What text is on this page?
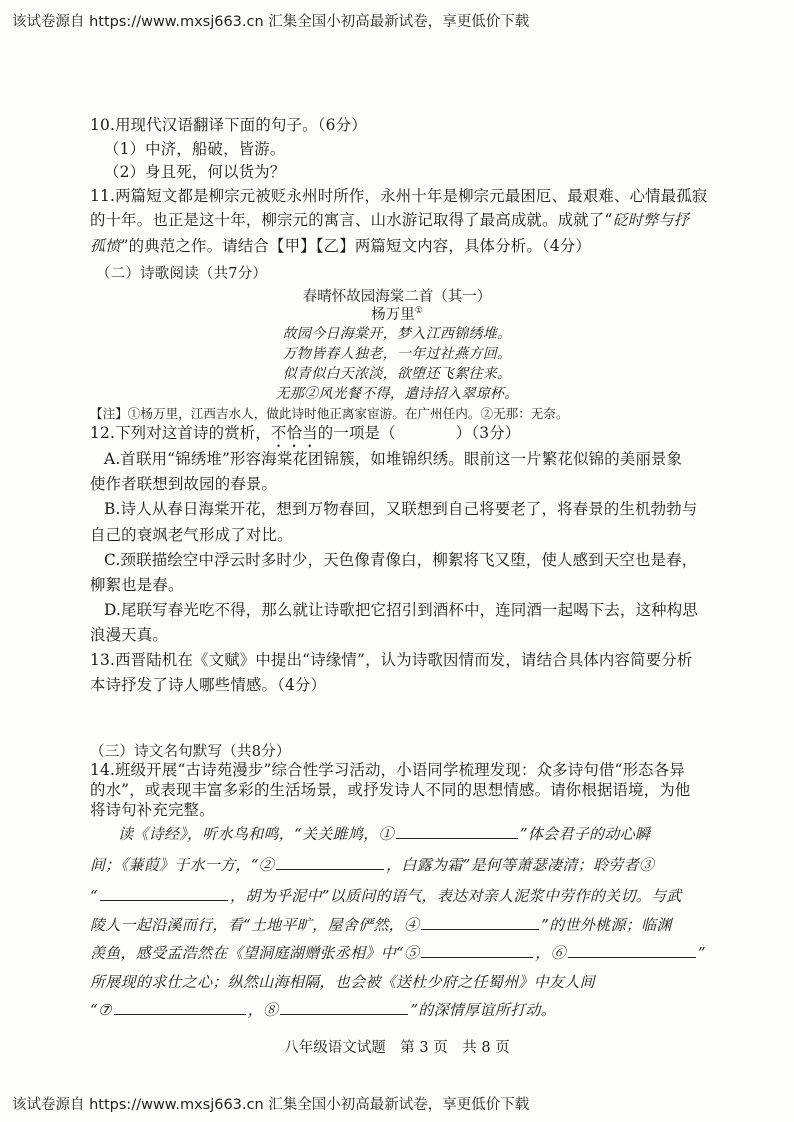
该试卷源自 https://www.mxsj663.cn 汇集全国小初高最新试卷，享更低价下载
10.用现代汉语翻译下面的句子。（6分）
（1）中济，船破，皆游。
（2）身且死，何以货为？
11.两篇短文都是柳宗元被贬永州时所作，永州十年是柳宗元最困厄、最艰难、心情最孤寂
的十年。也正是这十年，柳宗元的寓言、山水游记取得了最高成就。成就了“砭时弊与抒
孤愤”的典范之作。请结合【甲】【乙】两篇短文内容，具体分析。（4分）
（二）诗歌阅读（共7分）
春晴怀故园海棠二首（其一）
杨万里①
故园今日海棠开，梦入江西锦绣堆。
万物皆春人独老，一年过社燕方回。
似青似白天浓淡，欲堕还飞絮往来。
无那②风光餐不得，遣诗招入翠琼杯。
【注】①杨万里，江西吉水人，做此诗时他正离家宦游。在广州任内。②无那：无奈。
12.下列对这首诗的赏析，不恰当的一项是（	）（3分）
A.首联用“锦绣堆”形容海棠花团锦簇，如堆锦织绣。眼前这一片繁花似锦的美丽景象
使作者联想到故园的春景。
B.诗人从春日海棠开花，想到万物春回，又联想到自己将要老了，将春景的生机勃勃与
自己的衰飒老气形成了对比。
C.颈联描绘空中浮云时多时少，天色像青像白，柳絮将飞又堕，使人感到天空也是春，
柳絮也是春。
D.尾联写春光吃不得，那么就让诗歌把它招引到酒杯中，连同酒一起喝下去，这种构思
浪漫天真。
13.西晋陆机在《文赋》中提出“诗缘情”，认为诗歌因情而发，请结合具体内容简要分析
本诗抒发了诗人哪些情感。（4分）
（三）诗文名句默写（共8分）
14.班级开展“古诗苑漫步”综合性学习活动，小语同学梳理发现：众多诗句借“形态各异
的水”，或表现丰富多彩的生活场景，或抒发诗人不同的思想情感。请你根据语境，为他
将诗句补充完整。
读《诗经》，听水鸟和鸣，“关关雎鸠，①	”体会君子的动心瞬
间；《蒹葭》于水一方，“②	，白露为霜”是何等萧瑟凄清；聆劳者③
“	，胡为乎泥中”以质问的语气，表达对亲人泥浆中劳作的关切。与武
陵人一起沿溪而行，看“土地平旷，屋舍俨然，④	”的世外桃源；临渊
羡鱼，感受孟浩然在《望洞庭湖赠张丞相》中“⑤	，⑥	”
所展现的求仕之心；纵然山海相隔，也会被《送杜少府之任蜀州》中友人间
“⑦	，⑧	”的深情厚谊所打动。
八年级语文试题　第 3 页　共 8 页
该试卷源自 https://www.mxsj663.cn 汇集全国小初高最新试卷，享更低价下载
